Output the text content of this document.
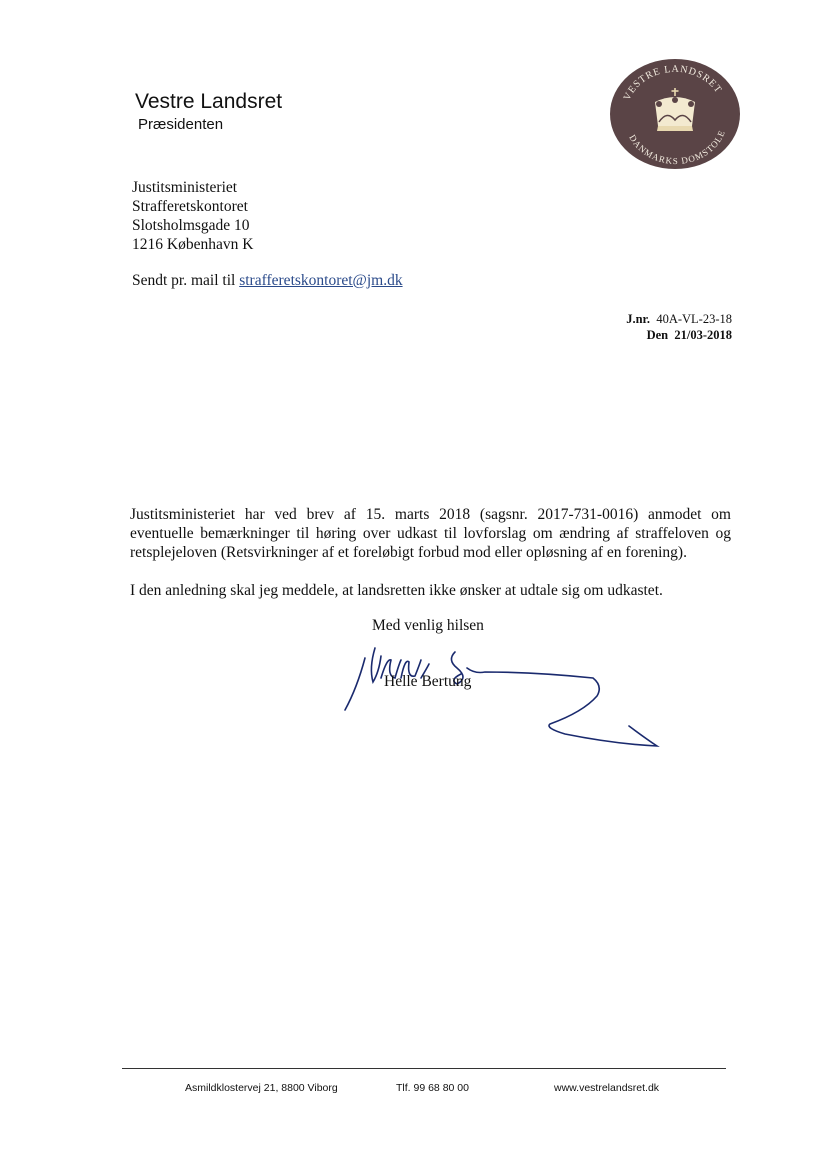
Vestre Landsret
Præsidenten
VESTRE LANDSRET
DANMARKS DOMSTOLE
Justitsministeriet
Strafferetskontoret
Slotsholmsgade 10
1216 København K
Sendt pr. mail til strafferetskontoret@jm.dk
J.nr. 40A-VL-23-18
Den 21/03-2018
Justitsministeriet har ved brev af 15. marts 2018 (sagsnr. 2017-731-0016) anmodet om eventuelle bemærkninger til høring over udkast til lovforslag om ændring af straffeloven og retsplejeloven (Retsvirkninger af et foreløbigt forbud mod eller opløsning af en forening).
I den anledning skal jeg meddele, at landsretten ikke ønsker at udtale sig om udkastet.
Med venlig hilsen
Helle Bertung
Asmildklostervej 21, 8800 Viborg	Tlf. 99 68 80 00	www.vestrelandsret.dk
